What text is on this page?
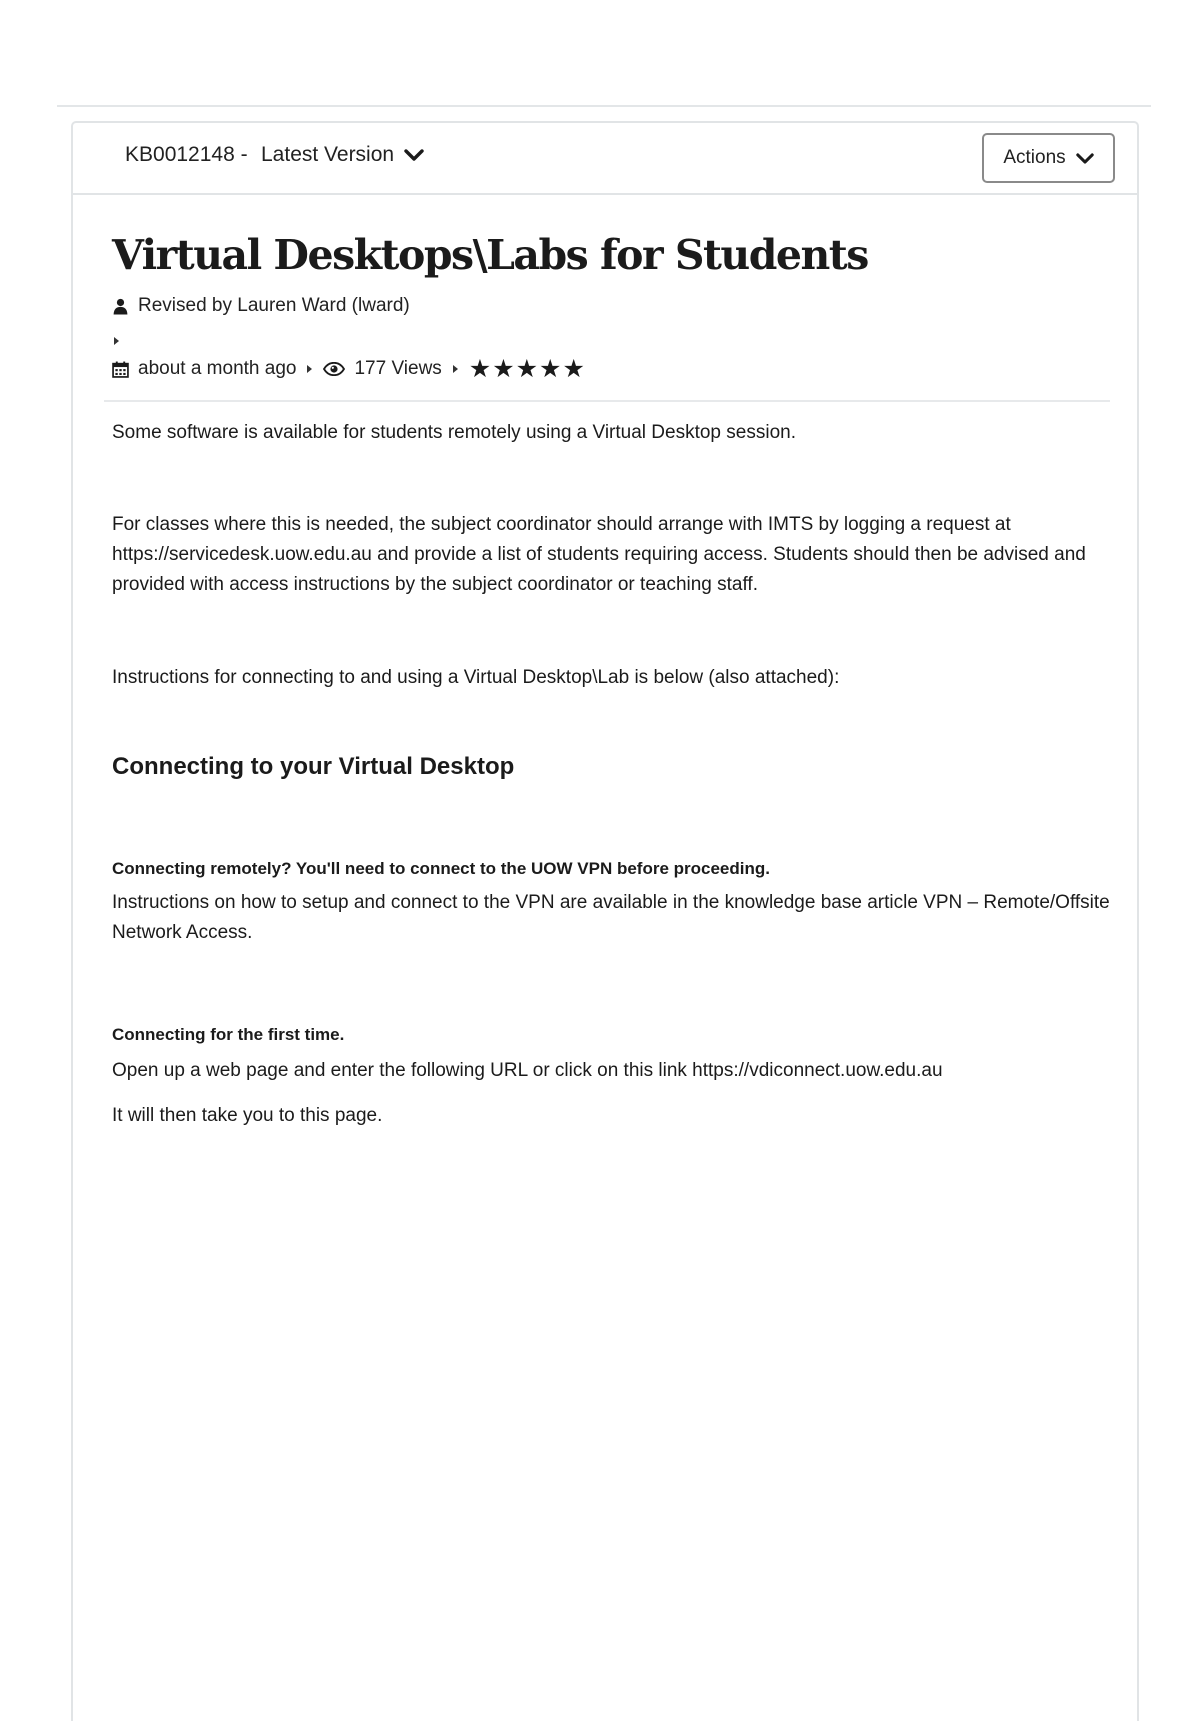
KB0012148 - Latest Version	Actions
Virtual Desktops\Labs for Students
Revised by Lauren Ward (lward)
about a month ago	177 Views ★★★★★

Some software is available for students remotely using a Virtual Desktop session.

For classes where this is needed, the subject coordinator should arrange with IMTS by logging a request at https://servicedesk.uow.edu.au and provide a list of students requiring access. Students should then be advised and provided with access instructions by the subject coordinator or teaching staff.

Instructions for connecting to and using a Virtual Desktop\Lab is below (also attached):

Connecting to your Virtual Desktop
Connecting remotely? You'll need to connect to the UOW VPN before proceeding.

Instructions on how to setup and connect to the VPN are available in the knowledge base article VPN – Remote/Offsite Network Access.

Connecting for the first time.

Open up a web page and enter the following URL or click on this link https://vdiconnect.uow.edu.au

It will then take you to this page.
